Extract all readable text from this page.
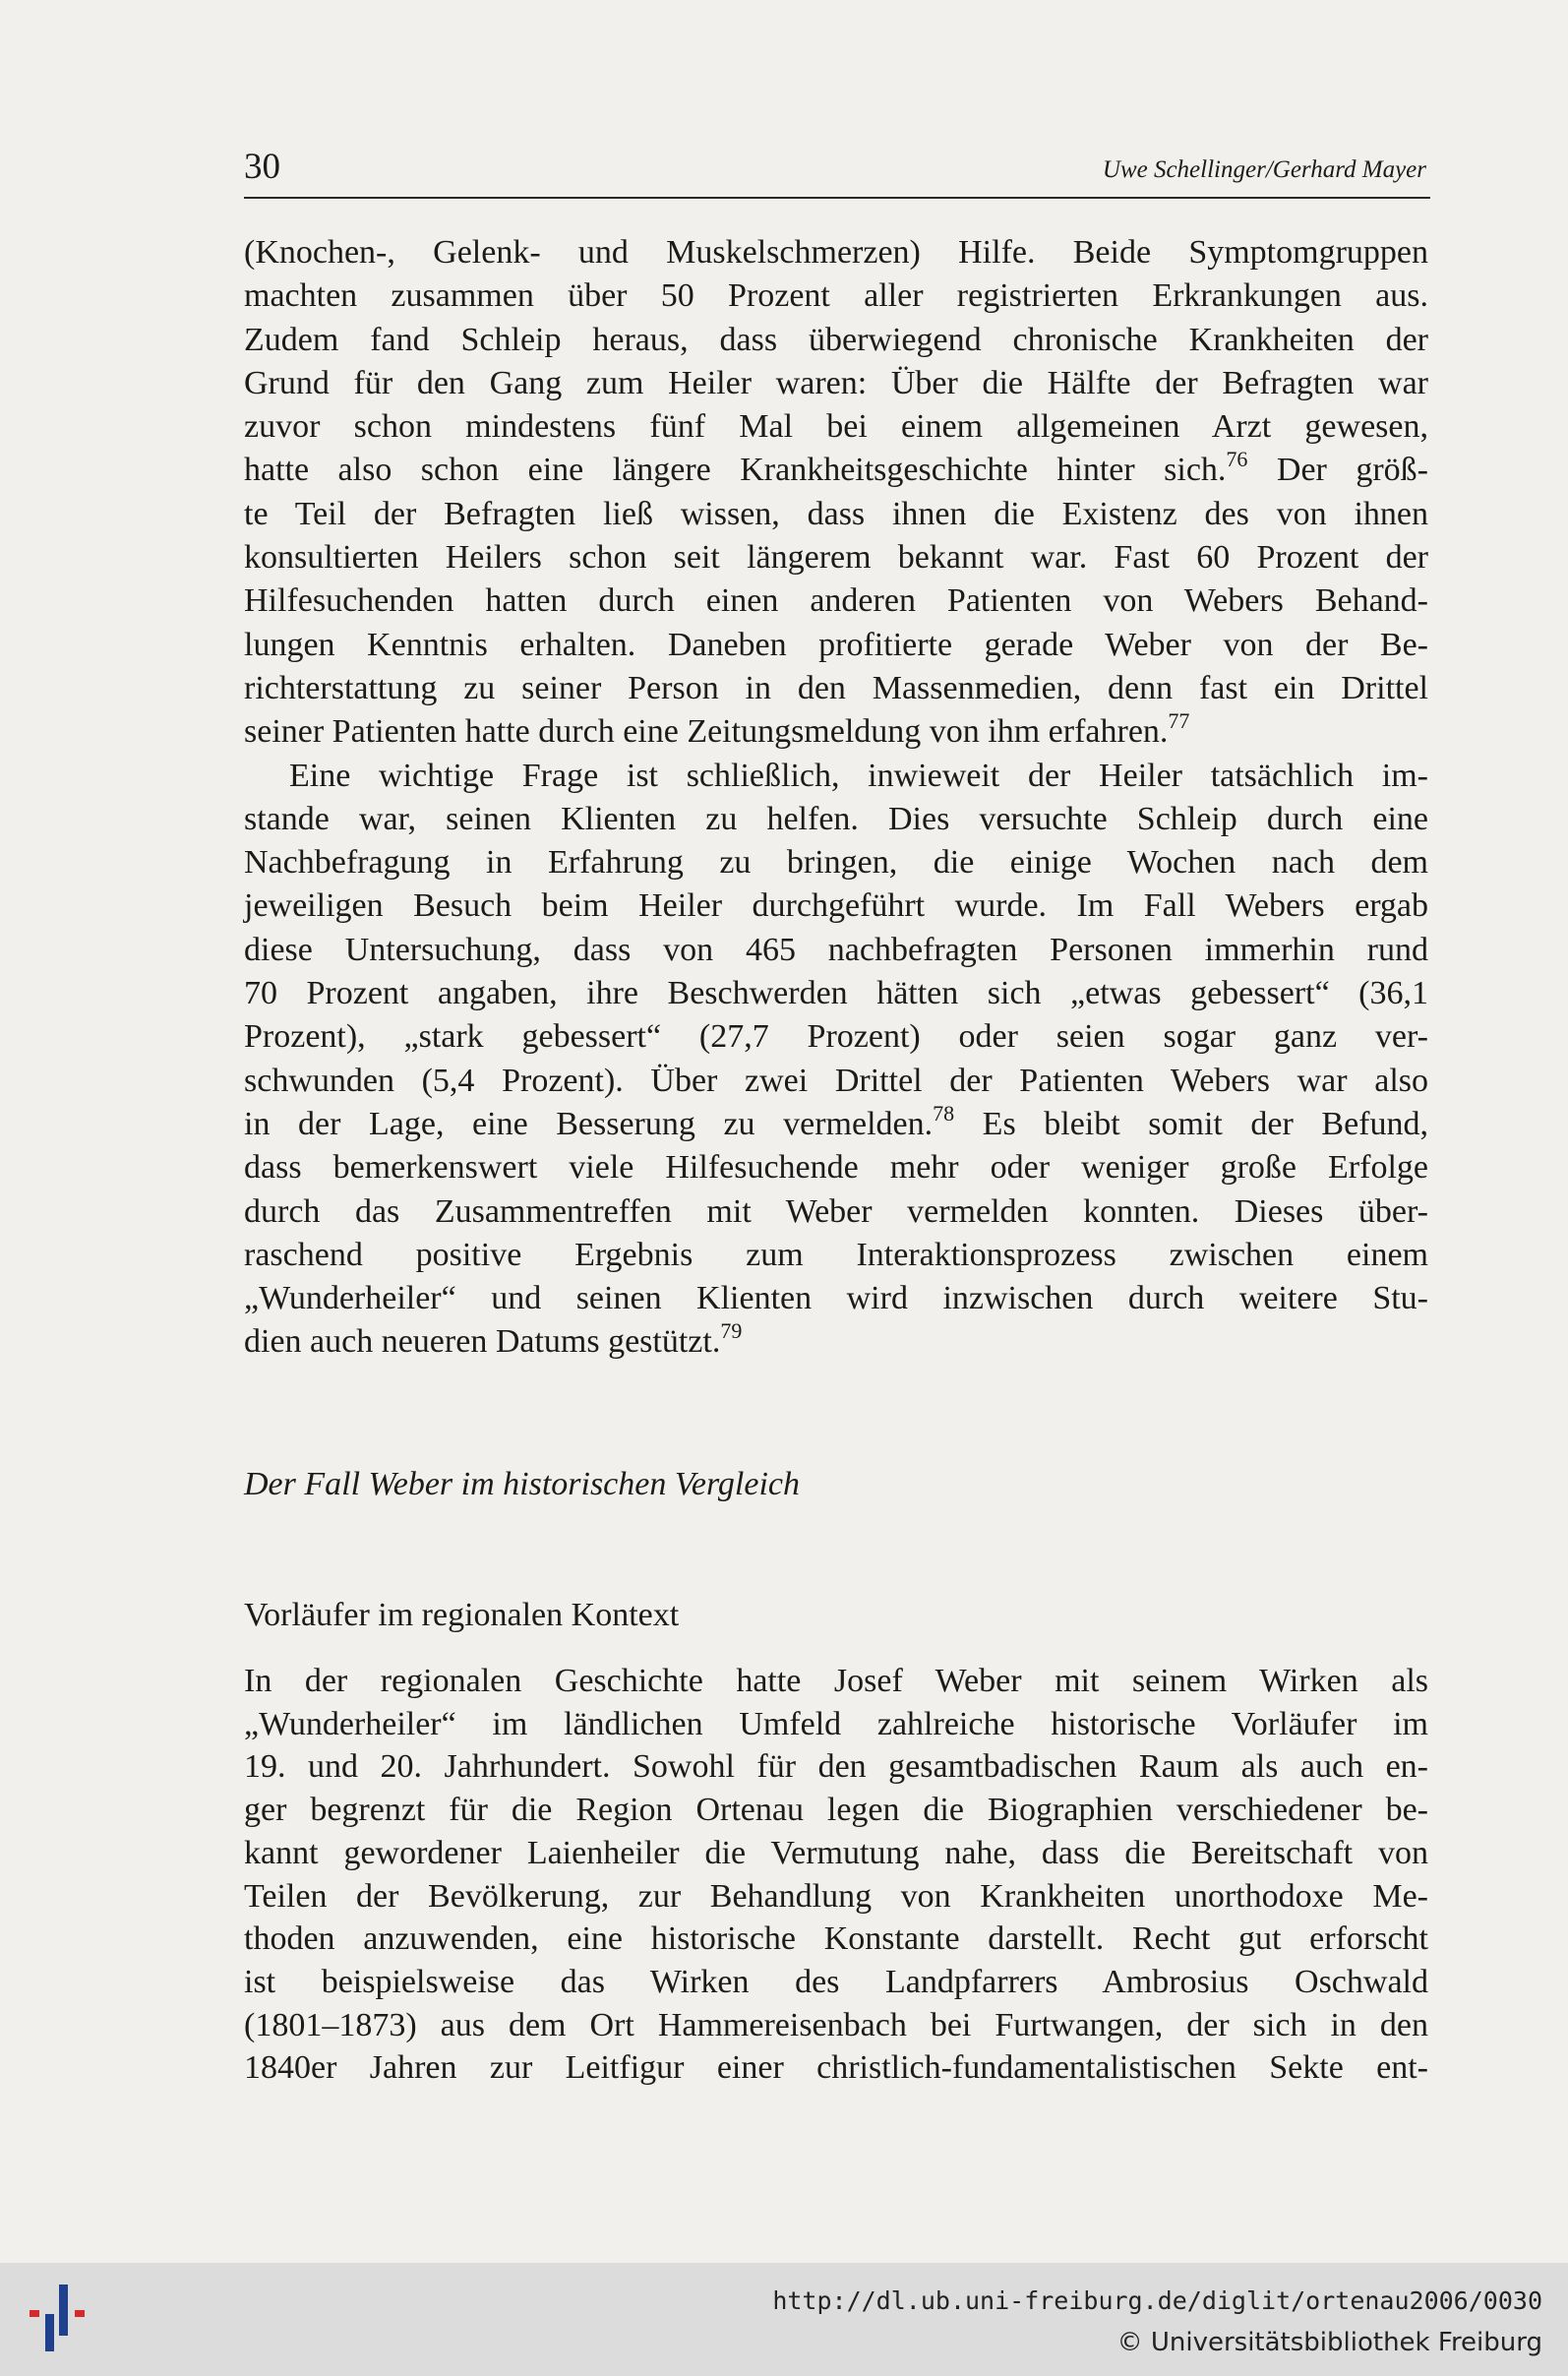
30	Uwe Schellinger/Gerhard Mayer

(Knochen-, Gelenk- und Muskelschmerzen) Hilfe. Beide Symptomgruppen
machten zusammen über 50 Prozent aller registrierten Erkrankungen aus.
Zudem fand Schleip heraus, dass überwiegend chronische Krankheiten der
Grund für den Gang zum Heiler waren: Über die Hälfte der Befragten war
zuvor schon mindestens fünf Mal bei einem allgemeinen Arzt gewesen,
hatte also schon eine längere Krankheitsgeschichte hinter sich.$^{76}$ Der größ-
te Teil der Befragten ließ wissen, dass ihnen die Existenz des von ihnen
konsultierten Heilers schon seit längerem bekannt war. Fast 60 Prozent der
Hilfesuchenden hatten durch einen anderen Patienten von Webers Behand-
lungen Kenntnis erhalten. Daneben profitierte gerade Weber von der Be-
richterstattung zu seiner Person in den Massenmedien, denn fast ein Drittel
seiner Patienten hatte durch eine Zeitungsmeldung von ihm erfahren.$^{77}$

Eine wichtige Frage ist schließlich, inwieweit der Heiler tatsächlich im-
stande war, seinen Klienten zu helfen. Dies versuchte Schleip durch eine
Nachbefragung in Erfahrung zu bringen, die einige Wochen nach dem
jeweiligen Besuch beim Heiler durchgeführt wurde. Im Fall Webers ergab
diese Untersuchung, dass von 465 nachbefragten Personen immerhin rund
70 Prozent angaben, ihre Beschwerden hätten sich „etwas gebessert“ (36,1
Prozent), „stark gebessert“ (27,7 Prozent) oder seien sogar ganz ver-
schwunden (5,4 Prozent). Über zwei Drittel der Patienten Webers war also
in der Lage, eine Besserung zu vermelden.$^{78}$ Es bleibt somit der Befund,
dass bemerkenswert viele Hilfesuchende mehr oder weniger große Erfolge
durch das Zusammentreffen mit Weber vermelden konnten. Dieses über-
raschend positive Ergebnis zum Interaktionsprozess zwischen einem
„Wunderheiler“ und seinen Klienten wird inzwischen durch weitere Stu-
dien auch neueren Datums gestützt.$^{79}$

Der Fall Weber im historischen Vergleich
Vorläufer im regionalen Kontext

In der regionalen Geschichte hatte Josef Weber mit seinem Wirken als
„Wunderheiler“ im ländlichen Umfeld zahlreiche historische Vorläufer im
19. und 20. Jahrhundert. Sowohl für den gesamtbadischen Raum als auch en-
ger begrenzt für die Region Ortenau legen die Biographien verschiedener be-
kannt gewordener Laienheiler die Vermutung nahe, dass die Bereitschaft von
Teilen der Bevölkerung, zur Behandlung von Krankheiten unorthodoxe Me-
thoden anzuwenden, eine historische Konstante darstellt. Recht gut erforscht
ist beispielsweise das Wirken des Landpfarrers Ambrosius Oschwald
(1801–1873) aus dem Ort Hammereisenbach bei Furtwangen, der sich in den
1840er Jahren zur Leitfigur einer christlich-fundamentalistischen Sekte ent-

http://dl.ub.uni-freiburg.de/diglit/ortenau2006/0030
© Universitätsbibliothek Freiburg
